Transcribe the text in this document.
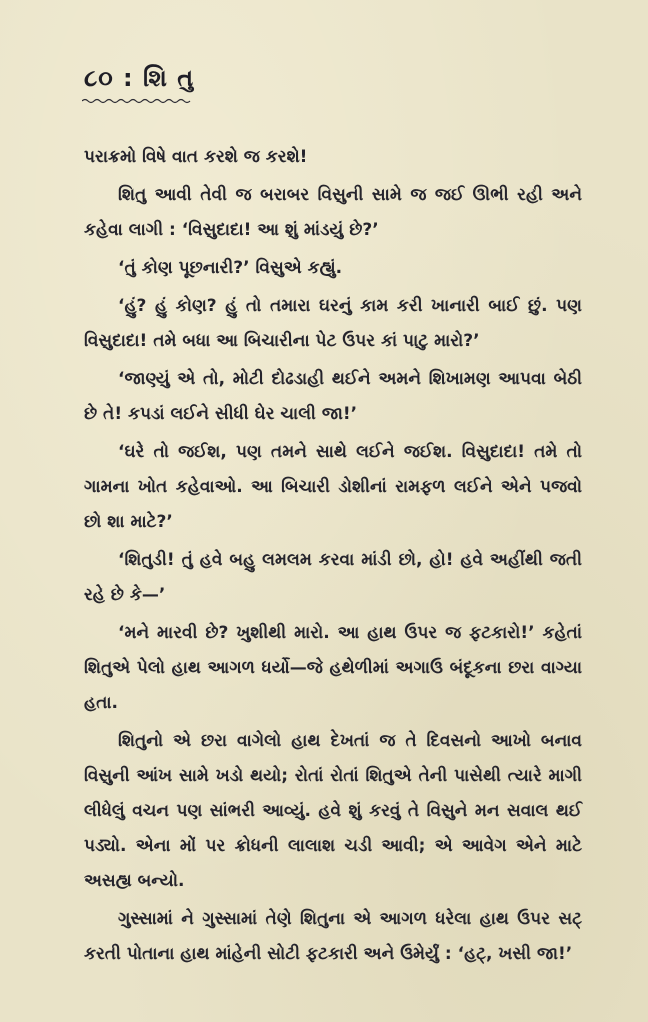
૮૦ : શિ તુ

પરાક્રમો વિષે વાત કરશે જ કરશે!

શિતુ આવી તેવી જ બરાબર વિસુની સામે જ જઈ ઊભી રહી અને કહેવા લાગી : ‘વિસુદાદા! આ શું માંડયું છે?’

‘તું કોણ પૂછનારી?’ વિસુએ કહ્યું.

‘હું? હું કોણ? હું તો તમારા ઘરનું કામ કરી ખાનારી બાઈ છું. પણ વિસુદાદા! તમે બધા આ બિચારીના પેટ ઉપર કાં પાટુ મારો?’

‘જાણ્યું એ તો, મોટી દોઢડાહી થઈને અમને શિખામણ આપવા બેઠી છે તે! કપડાં લઈને સીધી ઘેર ચાલી જા!’

‘ઘરે તો જઈશ, પણ તમને સાથે લઈને જઈશ. વિસુદાદા! તમે તો ગામના ખોત કહેવાઓ. આ બિચારી ડોશીનાં રામફળ લઈને એને પજવો છો શા માટે?’

‘શિતુડી! તું હવે બહુ લમલમ કરવા માંડી છો, હો! હવે અહીંથી જતી રહે છે કે—’

‘મને મારવી છે? ખુશીથી મારો. આ હાથ ઉપર જ ફટકારો!’ કહેતાં શિતુએ પેલો હાથ આગળ ધર્યો—જે હથેળીમાં અગાઉ બંદૂકના છરા વાગ્યા હતા.

શિતુનો એ છરા વાગેલો હાથ દેખતાં જ તે દિવસનો આખો બનાવ વિસુની આંખ સામે ખડો થયો; રોતાં રોતાં શિતુએ તેની પાસેથી ત્યારે માગી લીધેલું વચન પણ સાંભરી આવ્યું. હવે શું કરવું તે વિસુને મન સવાલ થઈ પડ્યો. એના મોં પર ક્રોધની લાલાશ ચડી આવી; એ આવેગ એને માટે અસહ્ય બન્યો.

ગુસ્સામાં ને ગુસ્સામાં તેણે શિતુના એ આગળ ધરેલા હાથ ઉપર સટ્ કરતી પોતાના હાથ માંહેની સોટી ફટકારી અને ઉમેર્યું : ‘હટ્, ખસી જા!’
